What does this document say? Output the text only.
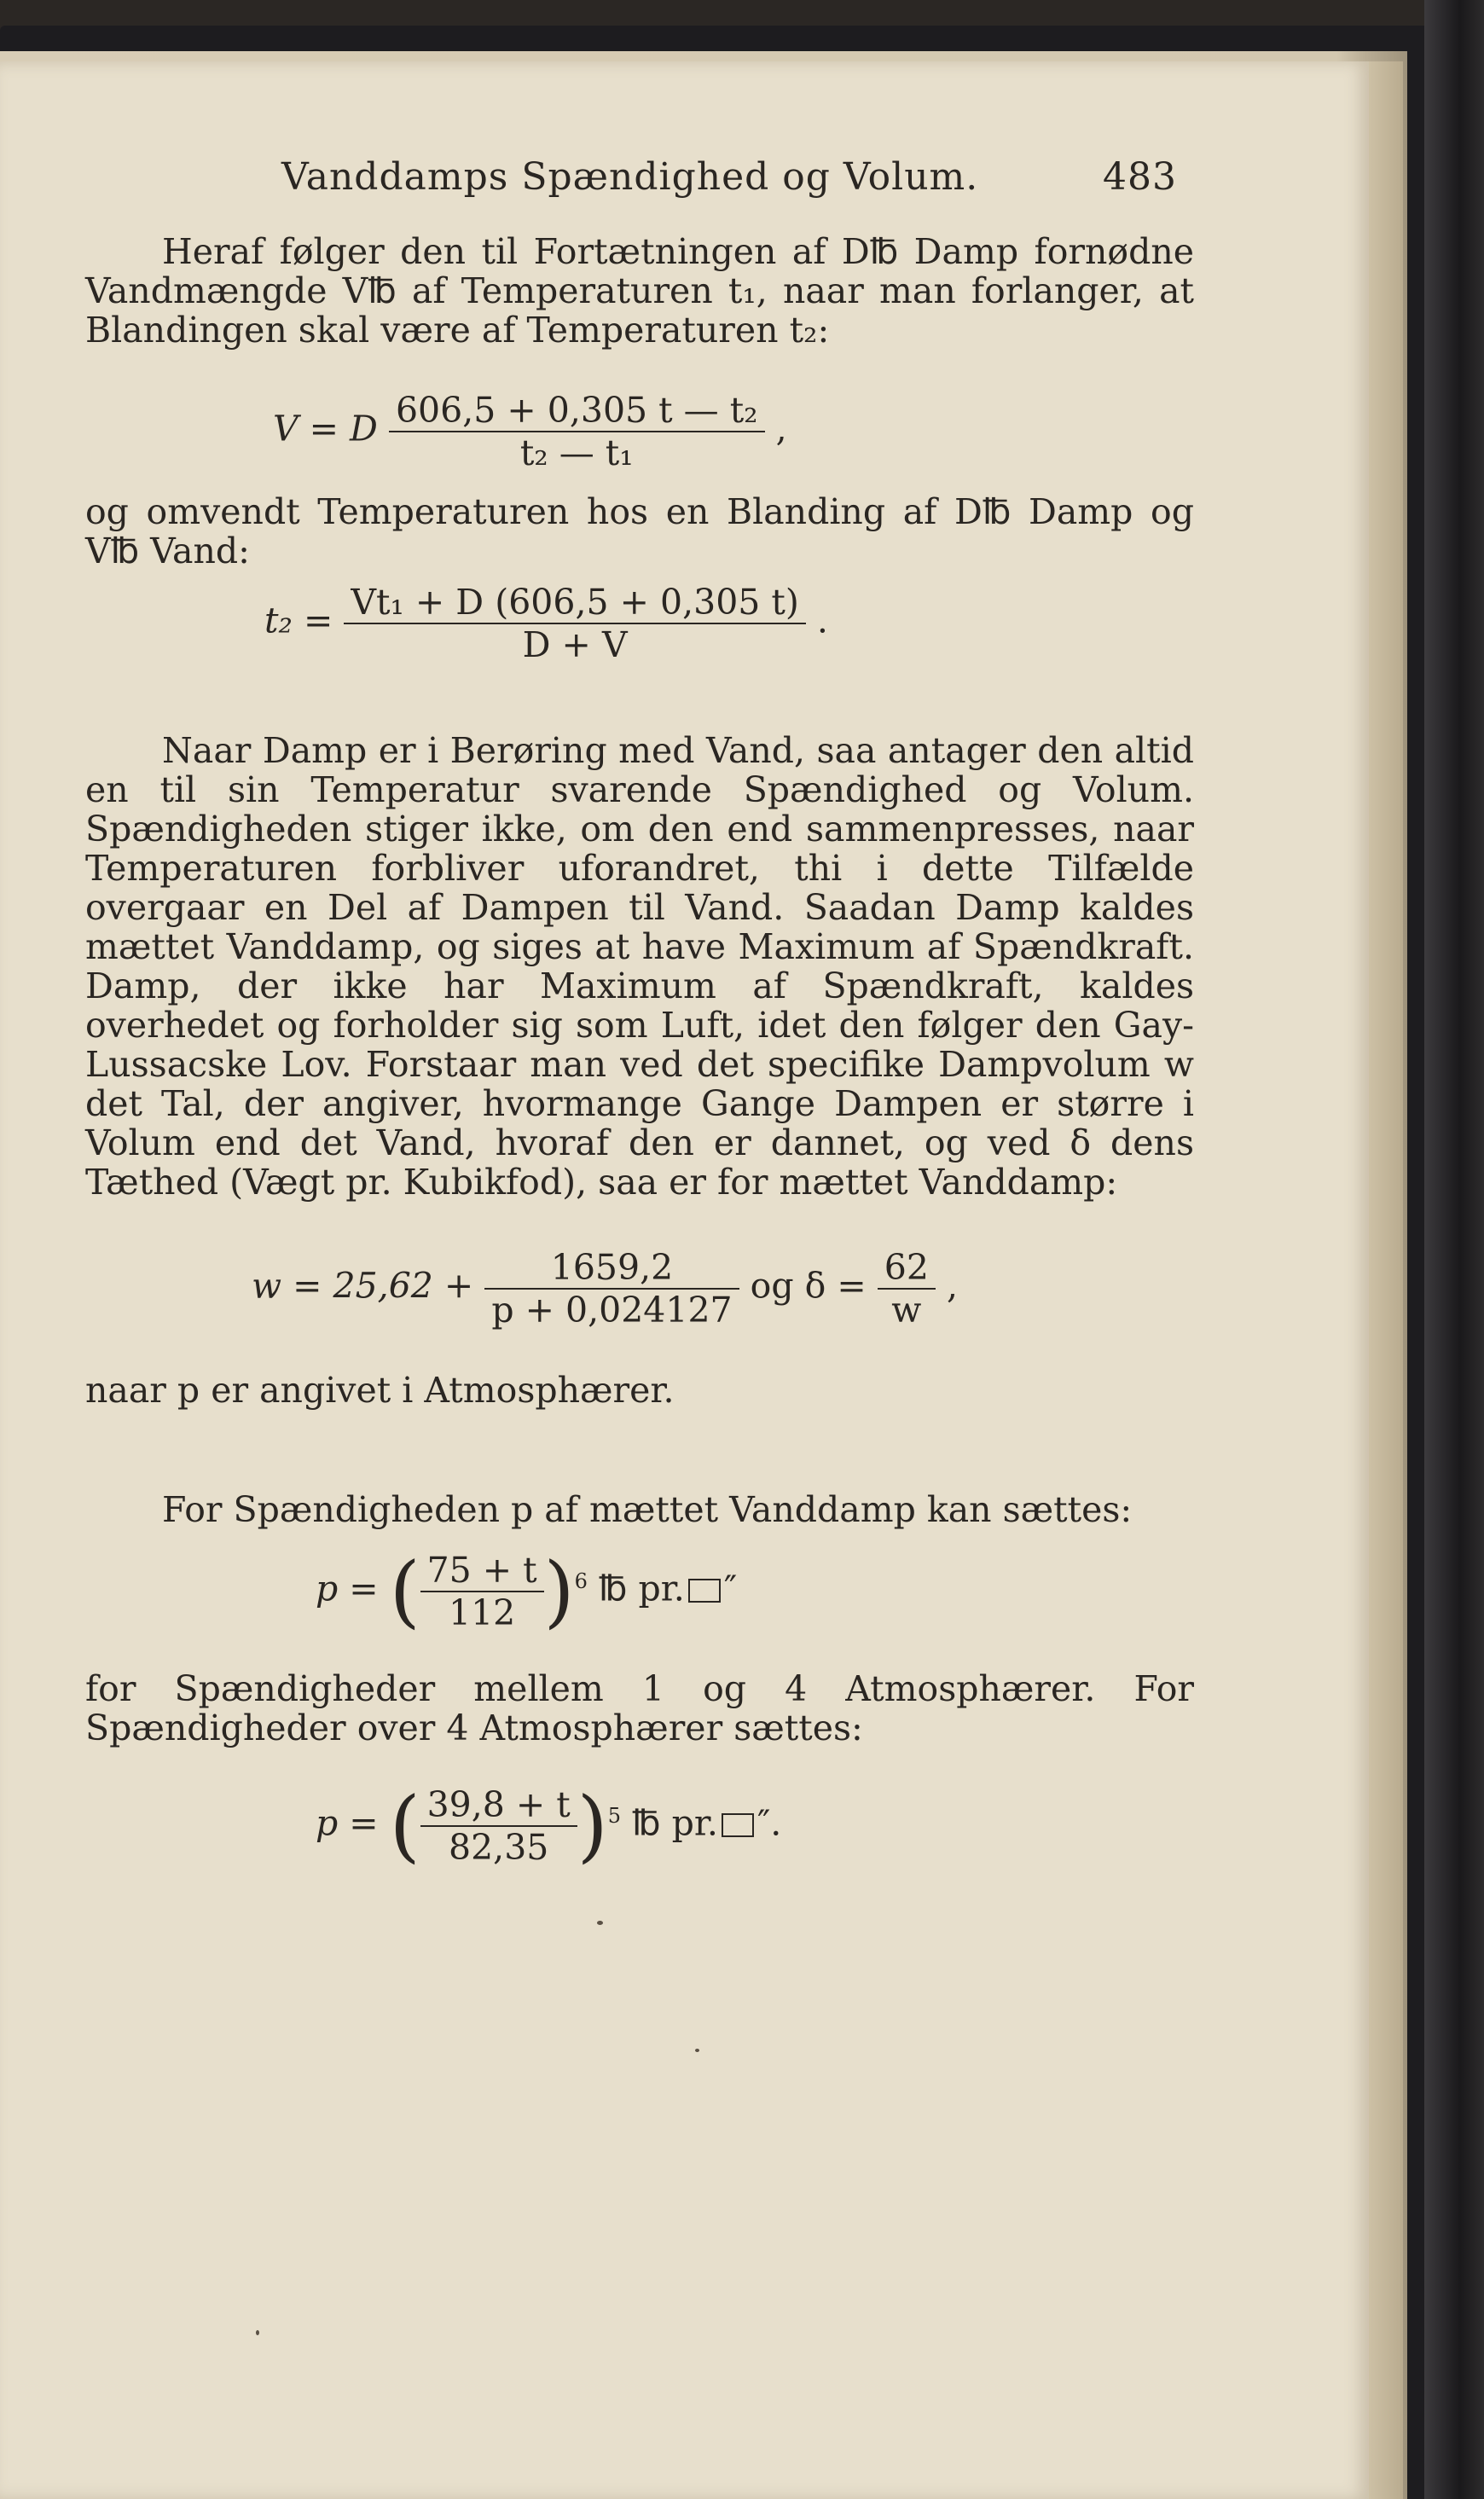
Vanddamps Spændighed og Volum.	483

Heraf følger den til Fortætningen af D℔ Damp fornødne Vandmængde V℔ af Temperaturen t₁, naar man forlanger, at Blandingen skal være af Temperaturen t₂:

V = D $\frac{\text{606,5 + 0,305 t — t₂}}{\text{t₂ — t₁}}$ ,

og omvendt Temperaturen hos en Blanding af D℔ Damp og V℔ Vand:

$t_2 = \frac{\text{Vt₁ + D (606,5 + 0,305 t)}}{D + V}$ .

Naar Damp er i Berøring med Vand, saa antager den altid en til sin Temperatur svarende Spændighed og Volum. Spændigheden stiger ikke, om den end sammenpresses, naar Temperaturen forbliver uforandret, thi i dette Tilfælde overgaar en Del af Dampen til Vand. Saadan Damp kaldes mættet Vanddamp, og siges at have Maximum af Spændkraft. Damp, der ikke har Maximum af Spændkraft, kaldes overhedet og forholder sig som Luft, idet den følger den Gay-Lussacske Lov. Forstaar man ved det specifike Dampvolum w det Tal, der angiver, hvormange Gange Dampen er større i Volum end det Vand, hvoraf den er dannet, og ved δ dens Tæthed (Vægt pr. Kubikfod), saa er for mættet Vanddamp:

$w = 25,62 + \frac{1659,2}{p + 0,024127}$ og $\delta = \frac{62}{w}$ ,

naar p er angivet i Atmosphærer.

For Spændigheden p af mættet Vanddamp kan sættes:

p = ( $\frac{75 + t}{112} )^6$ ℔ pr. ″

for Spændigheder mellem 1 og 4 Atmosphærer. For Spændigheder over 4 Atmosphærer sættes:

p = ( $\frac{39,8 + t}{82,35} )^5$ ℔ pr. ″.
